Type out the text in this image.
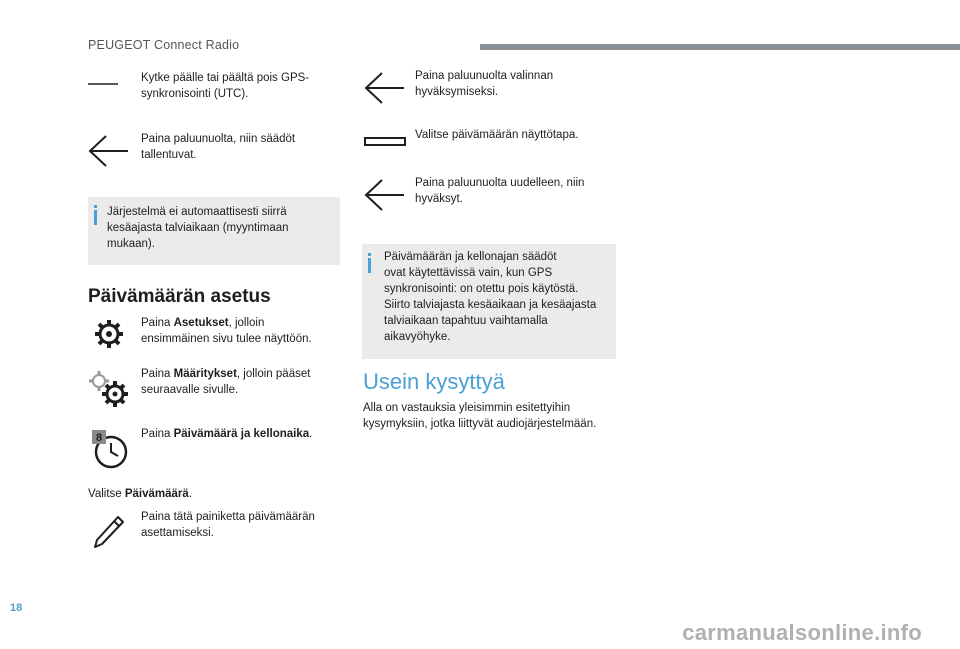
PEUGEOT Connect Radio
Kytke päälle tai päältä pois GPS-
synkronisointi (UTC).
Paina paluunuolta, niin säädöt
tallentuvat.
Järjestelmä ei automaattisesti siirrä
kesäajasta talviaikaan (myyntimaan
mukaan).
Päivämäärän asetus
Paina Asetukset, jolloin
ensimmäinen sivu tulee näyttöön.
Paina Määritykset, jolloin pääset
seuraavalle sivulle.
8	Paina Päivämäärä ja kellonaika.
Valitse Päivämäärä.
Paina tätä painiketta päivämäärän
asettamiseksi.
Paina paluunuolta valinnan
hyväksymiseksi.
Valitse päivämäärän näyttötapa.
Paina paluunuolta uudelleen, niin
hyväksyt.
Päivämäärän ja kellonajan säädöt
ovat käytettävissä vain, kun GPS
synkronisointi: on otettu pois käytöstä.
Siirto talviajasta kesäaikaan ja kesäajasta
talviaikaan tapahtuu vaihtamalla
aikavyöhyke.
Usein kysyttyä
Alla on vastauksia yleisimmin esitettyihin
kysymyksiin, jotka liittyvät audiojärjestelmään.
18
carmanualsonline.info
